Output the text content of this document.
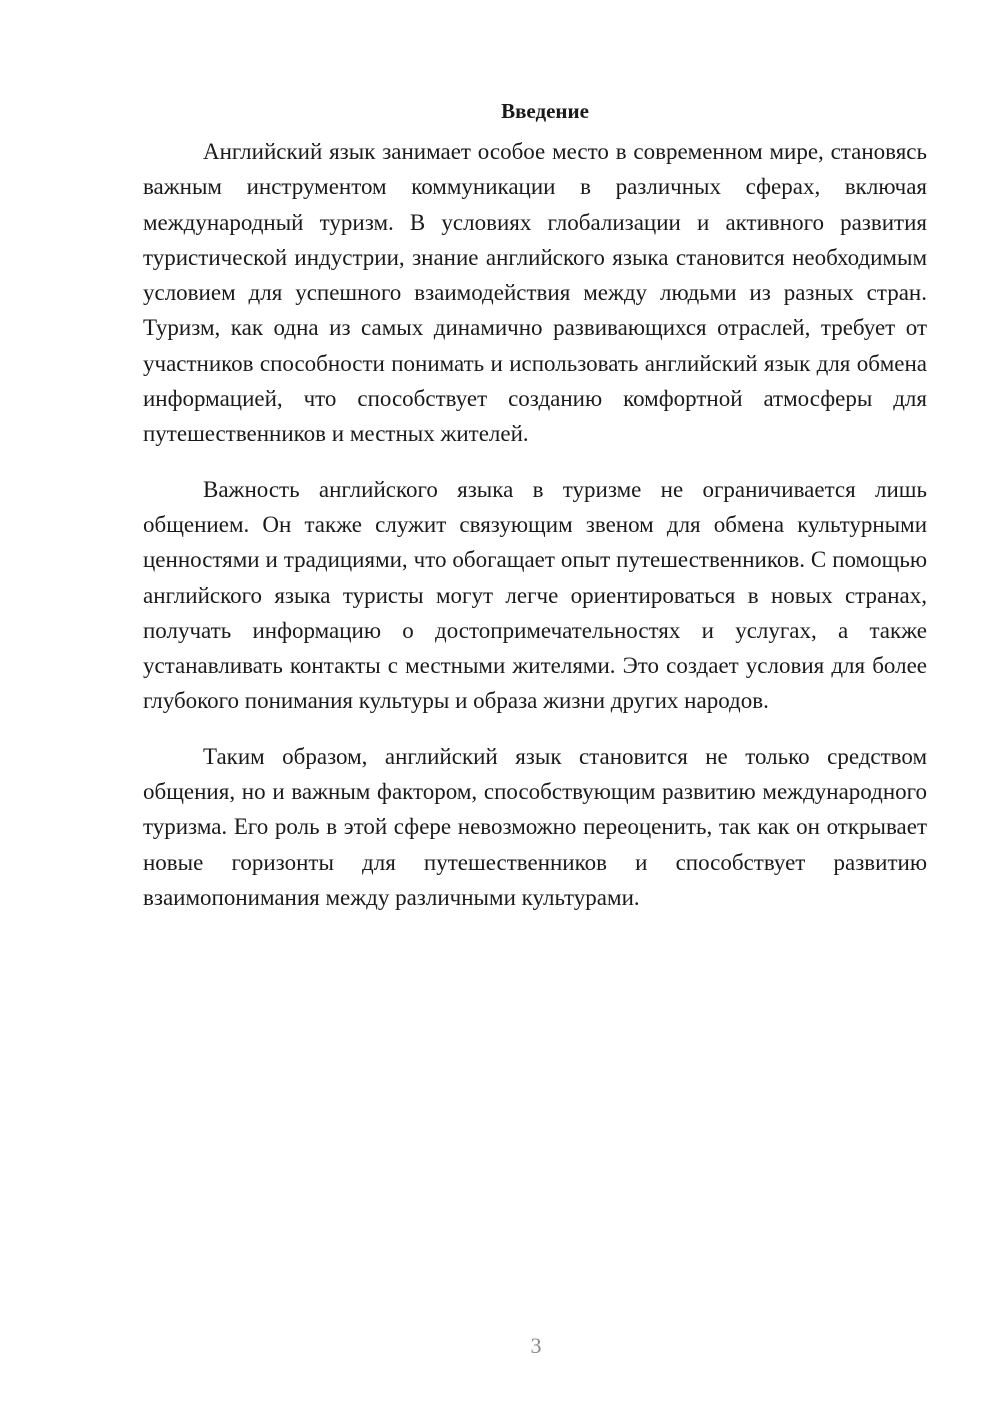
Введение

Английский язык занимает особое место в современном мире, становясь важным инструментом коммуникации в различных сферах, включая международный туризм. В условиях глобализации и активного развития туристической индустрии, знание английского языка становится необходимым условием для успешного взаимодействия между людьми из разных стран. Туризм, как одна из самых динамично развивающихся отраслей, требует от участников способности понимать и использовать английский язык для обмена информацией, что способствует созданию комфортной атмосферы для путешественников и местных жителей.

Важность английского языка в туризме не ограничивается лишь общением. Он также служит связующим звеном для обмена культурными ценностями и традициями, что обогащает опыт путешественников. С помощью английского языка туристы могут легче ориентироваться в новых странах, получать информацию о достопримечательностях и услугах, а также устанавливать контакты с местными жителями. Это создает условия для более глубокого понимания культуры и образа жизни других народов.

Таким образом, английский язык становится не только средством общения, но и важным фактором, способствующим развитию международного туризма. Его роль в этой сфере невозможно переоценить, так как он открывает новые горизонты для путешественников и способствует развитию взаимопонимания между различными культурами.

3
